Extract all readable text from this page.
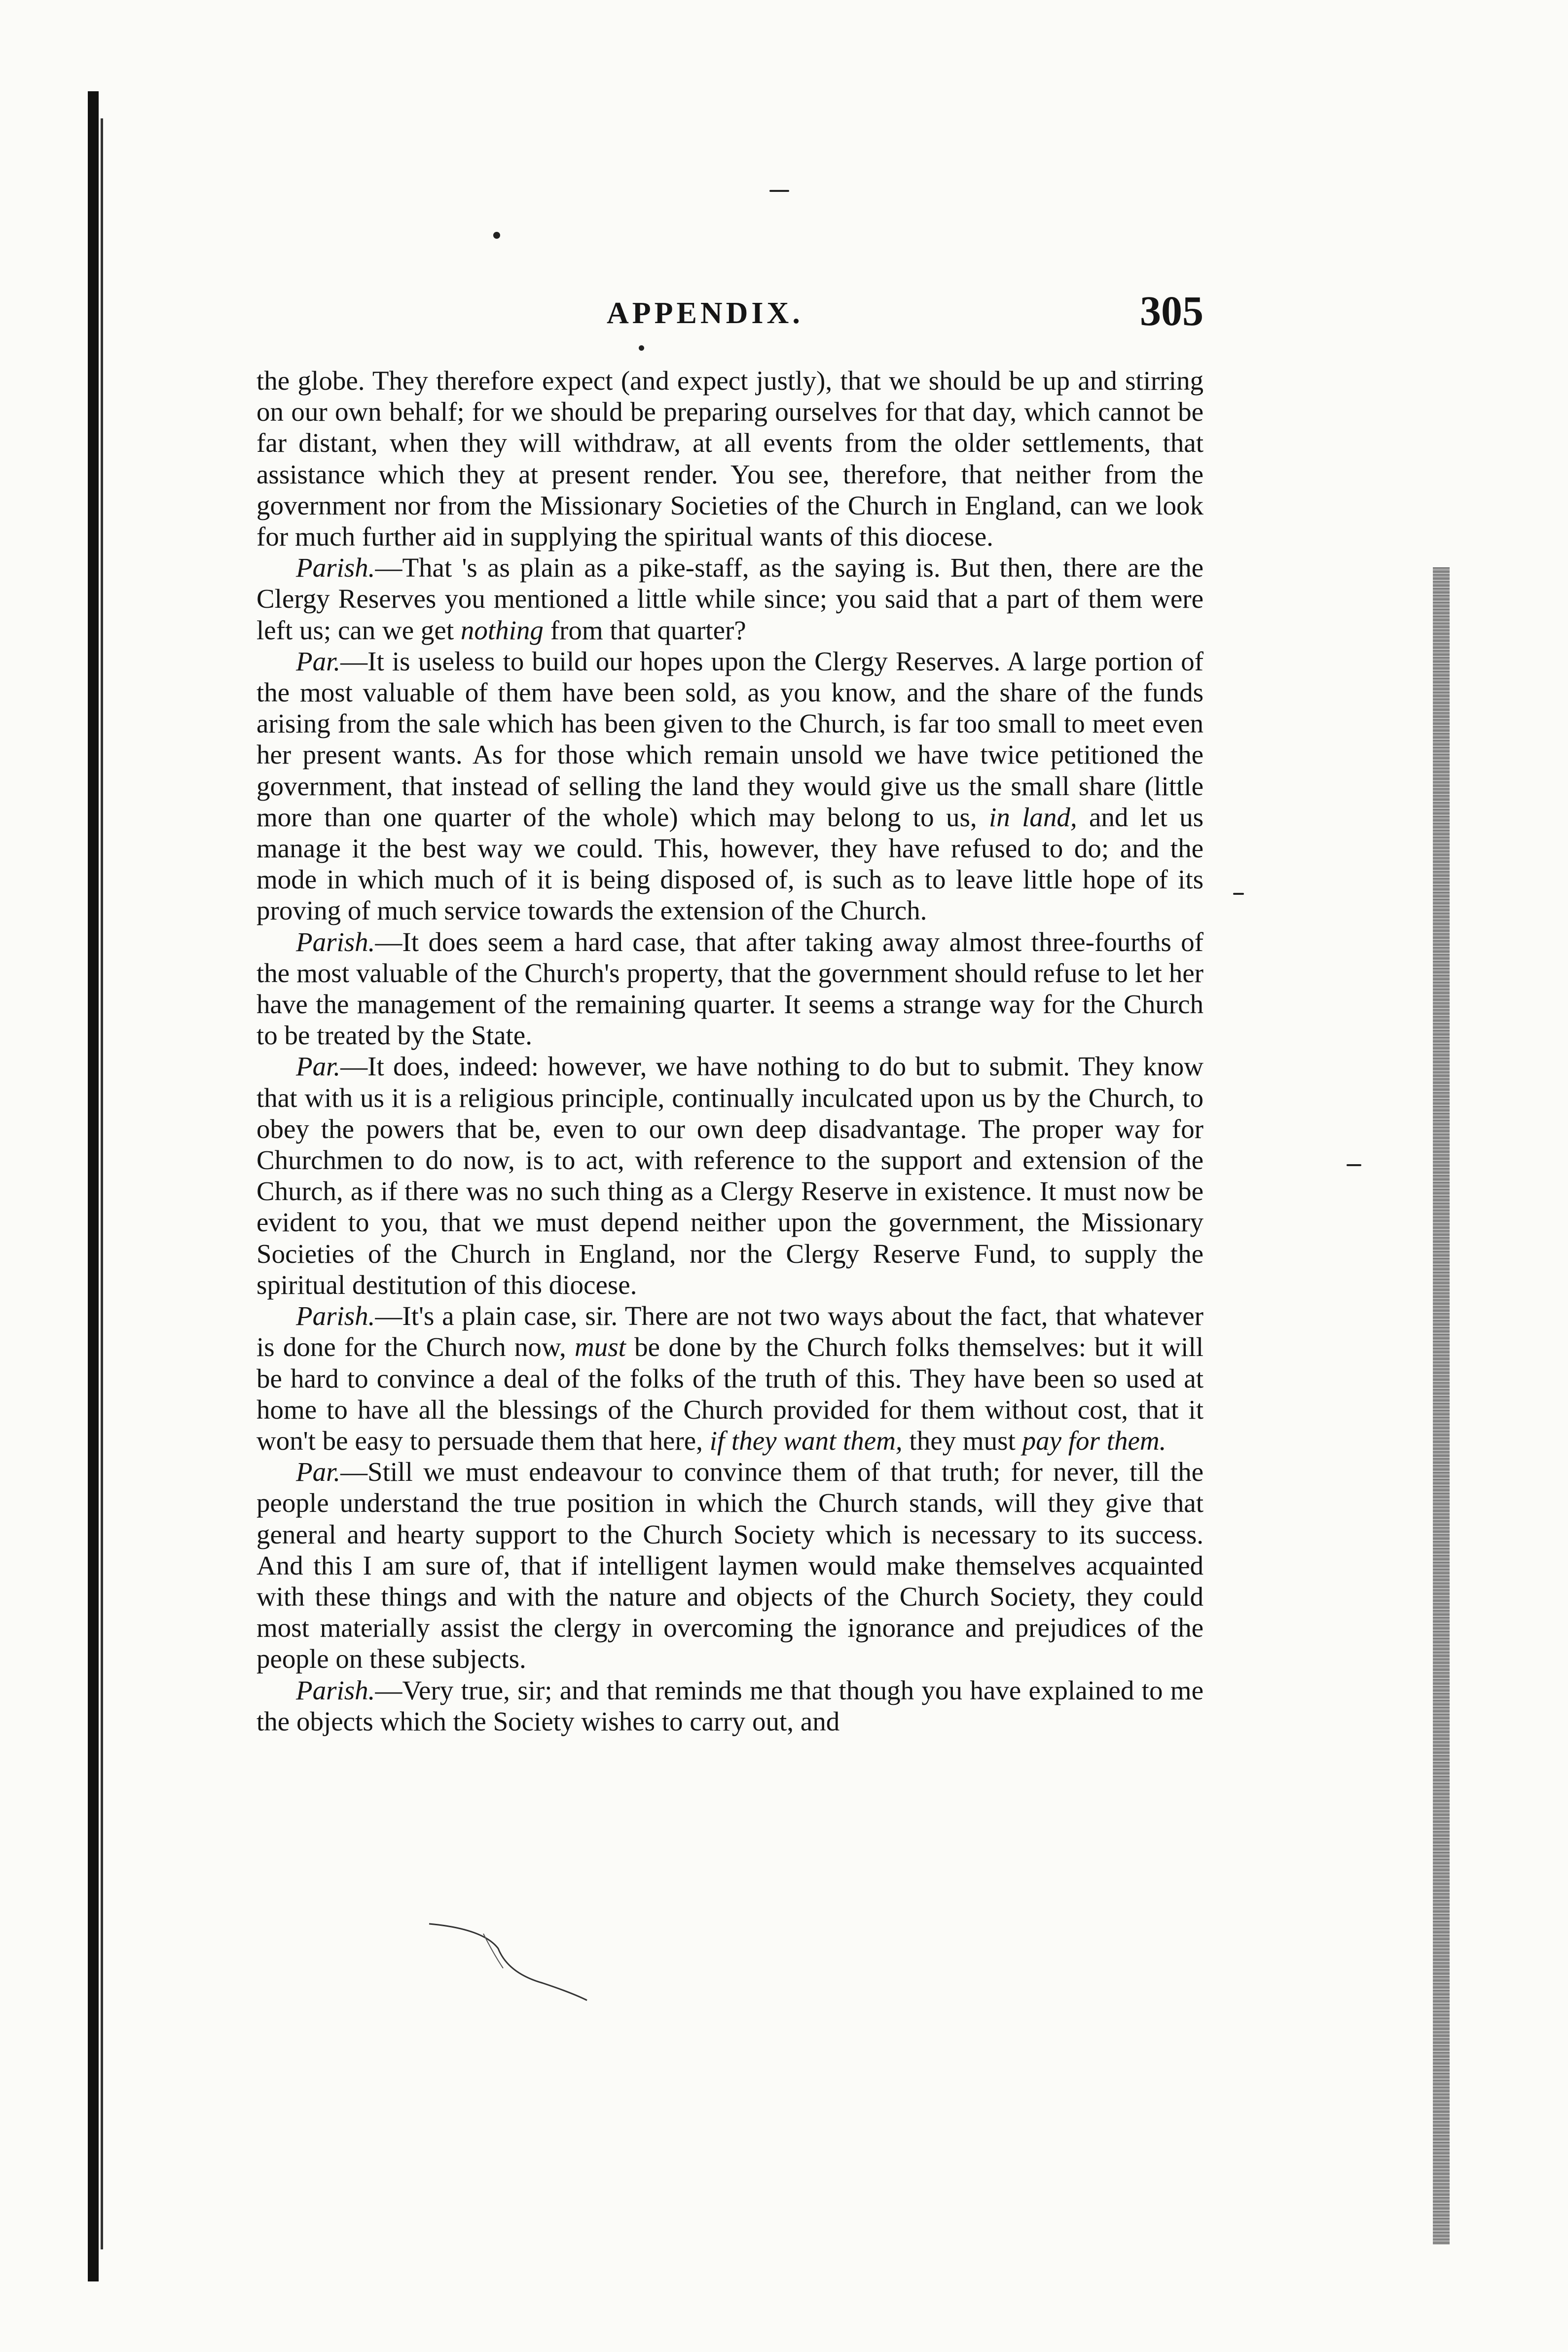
APPENDIX.	305

the globe. They therefore expect (and expect justly), that we should be up and stirring on our own behalf; for we should be preparing ourselves for that day, which cannot be far distant, when they will withdraw, at all events from the older settlements, that assistance which they at present render. You see, therefore, that neither from the government nor from the Missionary Societies of the Church in England, can we look for much further aid in supplying the spiritual wants of this diocese.

Parish.—That 's as plain as a pike-staff, as the saying is. But then, there are the Clergy Reserves you mentioned a little while since; you said that a part of them were left us; can we get nothing from that quarter?

Par.—It is useless to build our hopes upon the Clergy Reserves. A large portion of the most valuable of them have been sold, as you know, and the share of the funds arising from the sale which has been given to the Church, is far too small to meet even her present wants. As for those which remain unsold we have twice petitioned the government, that instead of selling the land they would give us the small share (little more than one quarter of the whole) which may belong to us, in land, and let us manage it the best way we could. This, however, they have refused to do; and the mode in which much of it is being disposed of, is such as to leave little hope of its proving of much service towards the extension of the Church.

Parish.—It does seem a hard case, that after taking away almost three-fourths of the most valuable of the Church's property, that the government should refuse to let her have the management of the remaining quarter. It seems a strange way for the Church to be treated by the State.

Par.—It does, indeed: however, we have nothing to do but to submit. They know that with us it is a religious principle, continually inculcated upon us by the Church, to obey the powers that be, even to our own deep disadvantage. The proper way for Churchmen to do now, is to act, with reference to the support and extension of the Church, as if there was no such thing as a Clergy Reserve in existence. It must now be evident to you, that we must depend neither upon the government, the Missionary Societies of the Church in England, nor the Clergy Reserve Fund, to supply the spiritual destitution of this diocese.

Parish.—It's a plain case, sir. There are not two ways about the fact, that whatever is done for the Church now, must be done by the Church folks themselves: but it will be hard to convince a deal of the folks of the truth of this. They have been so used at home to have all the blessings of the Church provided for them without cost, that it won't be easy to persuade them that here, if they want them, they must pay for them.

Par.—Still we must endeavour to convince them of that truth; for never, till the people understand the true position in which the Church stands, will they give that general and hearty support to the Church Society which is necessary to its success. And this I am sure of, that if intelligent laymen would make themselves acquainted with these things and with the nature and objects of the Church Society, they could most materially assist the clergy in overcoming the ignorance and prejudices of the people on these subjects.

Parish.—Very true, sir; and that reminds me that though you have explained to me the objects which the Society wishes to carry out, and
